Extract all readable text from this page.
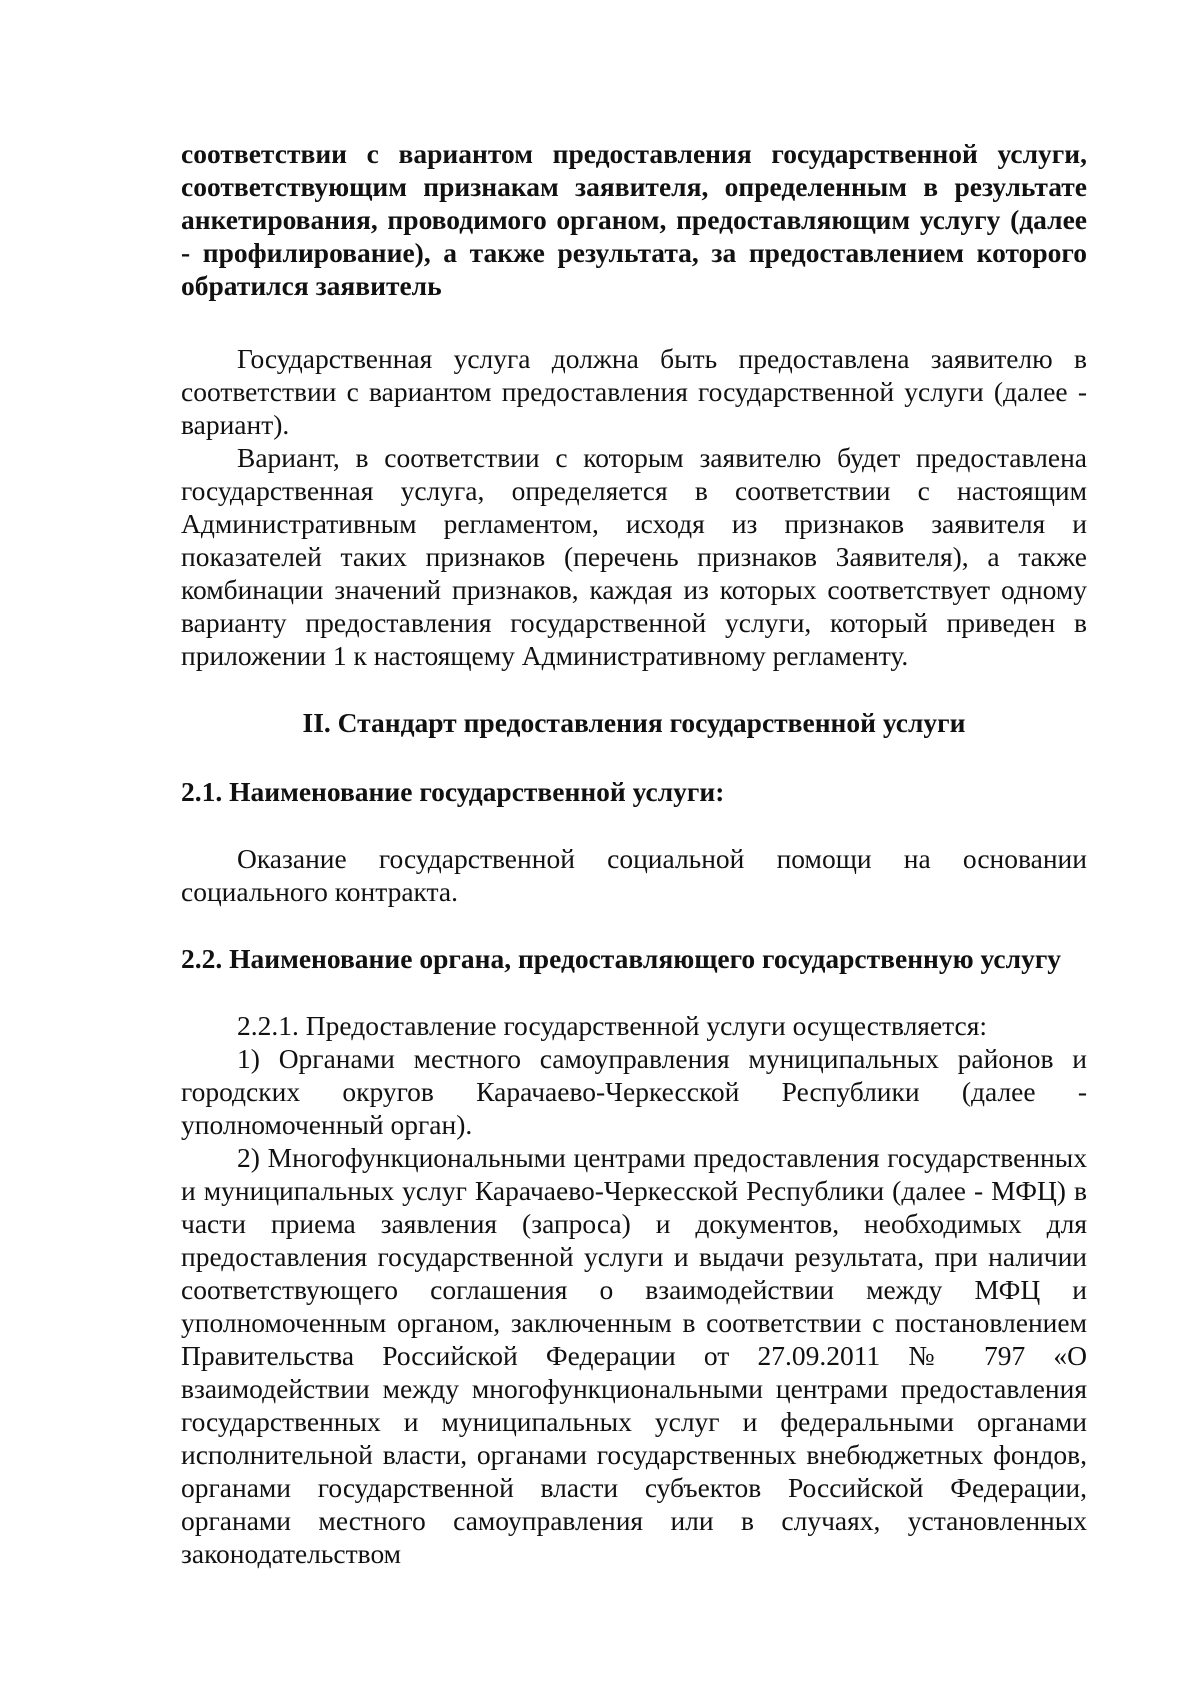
соответствии с вариантом предоставления государственной услуги, соответствующим признакам заявителя, определенным в результате анкетирования, проводимого органом, предоставляющим услугу (далее - профилирование), а также результата, за предоставлением которого обратился заявитель

Государственная услуга должна быть предоставлена заявителю в соответствии с вариантом предоставления государственной услуги (далее - вариант).

Вариант, в соответствии с которым заявителю будет предоставлена государственная услуга, определяется в соответствии с настоящим Административным регламентом, исходя из признаков заявителя и показателей таких признаков (перечень признаков Заявителя), а также комбинации значений признаков, каждая из которых соответствует одному варианту предоставления государственной услуги, который приведен в приложении 1 к настоящему Административному регламенту.

II. Стандарт предоставления государственной услуги

2.1. Наименование государственной услуги:

Оказание государственной социальной помощи на основании социального контракта.

2.2. Наименование органа, предоставляющего государственную услугу

2.2.1. Предоставление государственной услуги осуществляется:

1) Органами местного самоуправления муниципальных районов и городских округов Карачаево-Черкесской Республики (далее - уполномоченный орган).

2) Многофункциональными центрами предоставления государственных и муниципальных услуг Карачаево-Черкесской Республики (далее - МФЦ) в части приема заявления (запроса) и документов, необходимых для предоставления государственной услуги и выдачи результата, при наличии соответствующего соглашения о взаимодействии между МФЦ и уполномоченным органом, заключенным в соответствии с постановлением Правительства Российской Федерации от 27.09.2011 № 797 «О взаимодействии между многофункциональными центрами предоставления государственных и муниципальных услуг и федеральными органами исполнительной власти, органами государственных внебюджетных фондов, органами государственной власти субъектов Российской Федерации, органами местного самоуправления или в случаях, установленных законодательством
